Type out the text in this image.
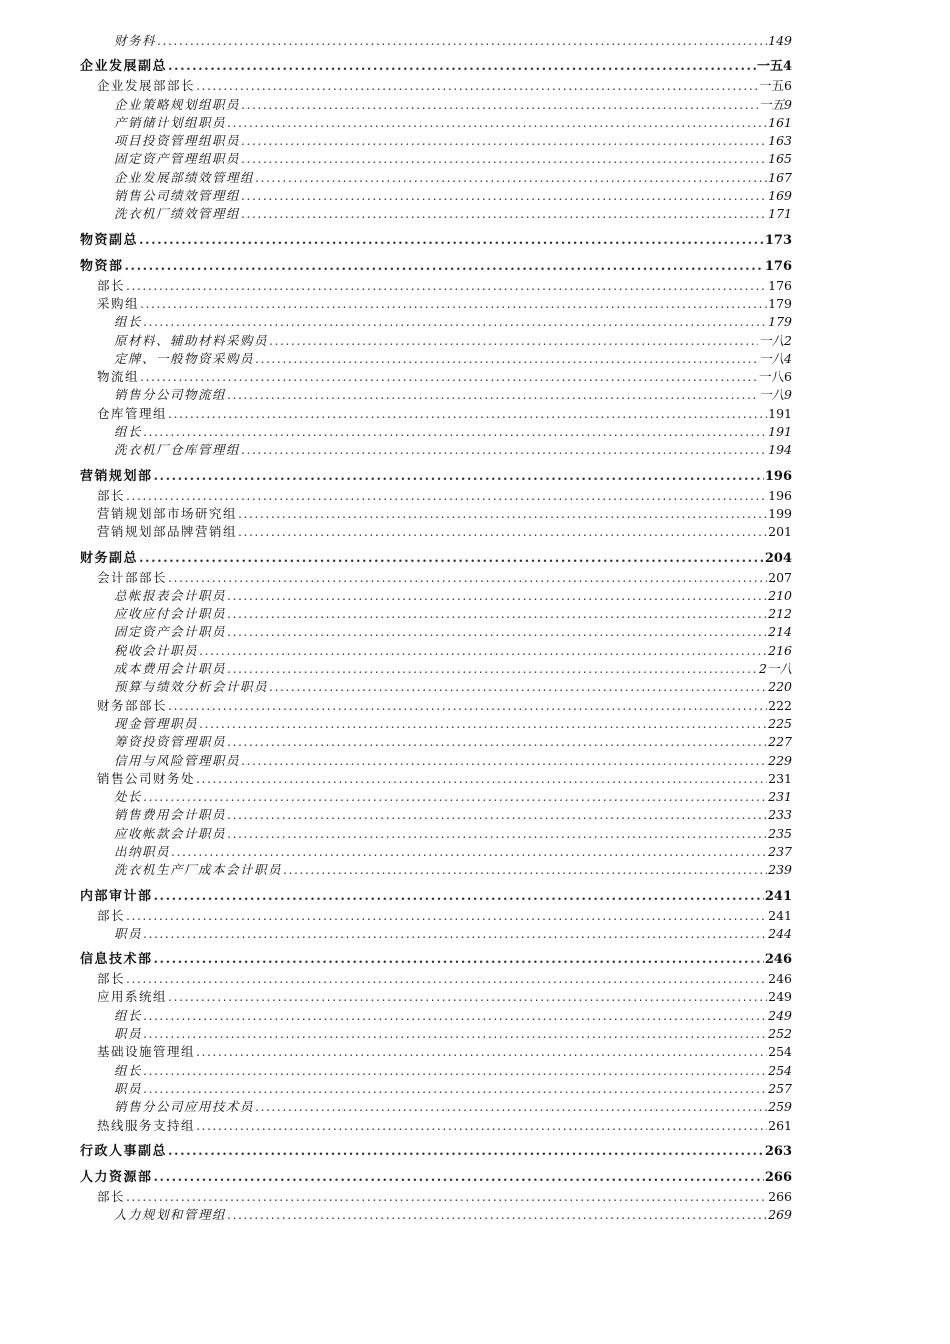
财务科 .....	149
企业发展副总 .....	一五4
企业发展部部长 .....	一五6
企业策略规划组职员 .....	一五9
产销储计划组职员 .....	161
项目投资管理组职员 .....	163
固定资产管理组职员 .....	165
企业发展部绩效管理组 .....	167
销售公司绩效管理组 .....	169
洗衣机厂绩效管理组 .....	171
物资副总 .....	173
物资部 .....	176
部长 .....	176
采购组 .....	179
组长 .....	179
原材料、辅助材料采购员 .....	一八2
定牌、一般物资采购员 .....	一八4
物流组 .....	一八6
销售分公司物流组 .....	一八9
仓库管理组 .....	191
组长 .....	191
洗衣机厂仓库管理组 .....	194
营销规划部 .....	196
部长 .....	196
营销规划部市场研究组 .....	199
营销规划部品牌营销组 .....	201
财务副总 .....	204
会计部部长 .....	207
总帐报表会计职员 .....	210
应收应付会计职员 .....	212
固定资产会计职员 .....	214
税收会计职员 .....	216
成本费用会计职员 .....	2一八
预算与绩效分析会计职员 .....	220
财务部部长 .....	222
现金管理职员 .....	225
筹资投资管理职员 .....	227
信用与风险管理职员 .....	229
销售公司财务处 .....	231
处长 .....	231
销售费用会计职员 .....	233
应收帐款会计职员 .....	235
出纳职员 .....	237
洗衣机生产厂成本会计职员 .....	239
内部审计部 .....	241
部长 .....	241
职员 .....	244
信息技术部 .....	246
部长 .....	246
应用系统组 .....	249
组长 .....	249
职员 .....	252
基础设施管理组 .....	254
组长 .....	254
职员 .....	257
销售分公司应用技术员 .....	259
热线服务支持组 .....	261
行政人事副总 .....	263
人力资源部 .....	266
部长 .....	266
人力规划和管理组 .....	269
